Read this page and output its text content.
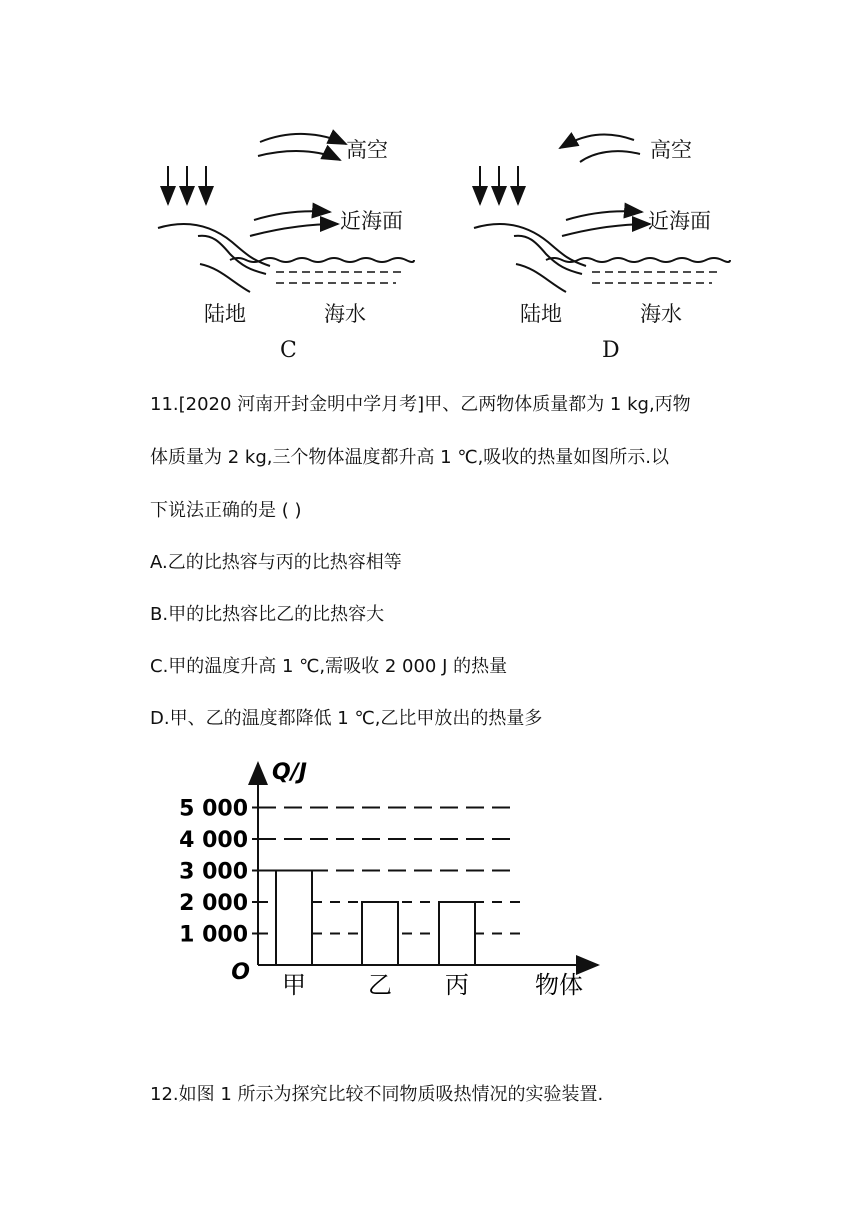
高空
近海面
陆地	海水
C
高空
近海面
陆地	海水
D
11.[2020 河南开封金明中学月考]甲、乙两物体质量都为 1 kg,丙物
体质量为 2 kg,三个物体温度都升高 1 ℃,吸收的热量如图所示.以
下说法正确的是 ( )
A.乙的比热容与丙的比热容相等
B.甲的比热容比乙的比热容大
C.甲的温度升高 1 ℃,需吸收 2 000 J 的热量
D.甲、乙的温度都降低 1 ℃,乙比甲放出的热量多
1 000
2 000
3 000
4 000
5 000
甲	乙 丙
Q/J
物体
O
12.如图 1 所示为探究比较不同物质吸热情况的实验装置.
